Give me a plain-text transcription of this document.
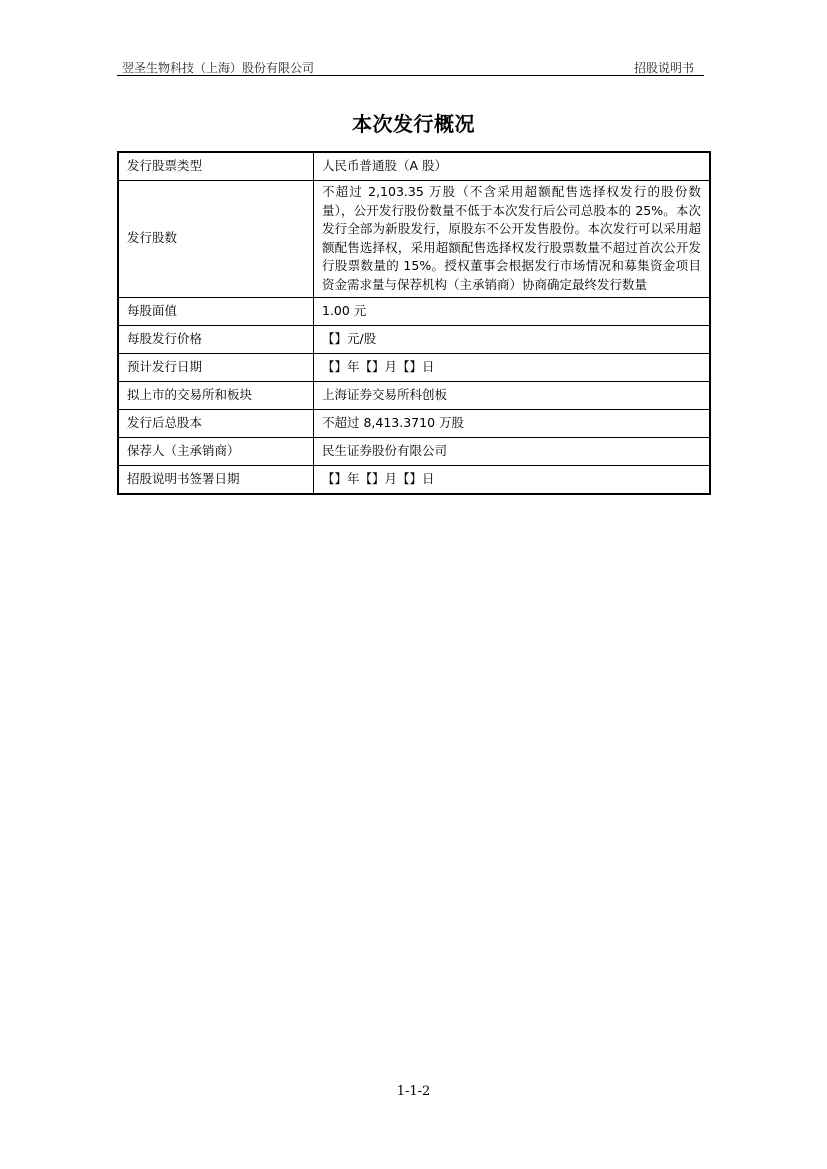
翌圣生物科技（上海）股份有限公司	招股说明书
本次发行概况
发行股票类型	人民币普通股（A 股）
发行股数	不超过 2,103.35 万股（不含采用超额配售选择权发行的股份数量），公开发行股份数量不低于本次发行后公司总股本的 25%。本次发行全部为新股发行，原股东不公开发售股份。本次发行可以采用超额配售选择权，采用超额配售选择权发行股票数量不超过首次公开发行股票数量的 15%。授权董事会根据发行市场情况和募集资金项目资金需求量与保荐机构（主承销商）协商确定最终发行数量
每股面值	1.00 元
每股发行价格	【】元/股
预计发行日期	【】年【】月【】日
拟上市的交易所和板块	上海证券交易所科创板
发行后总股本	不超过 8,413.3710 万股
保荐人（主承销商）	民生证券股份有限公司
招股说明书签署日期	【】年【】月【】日
1-1-2
